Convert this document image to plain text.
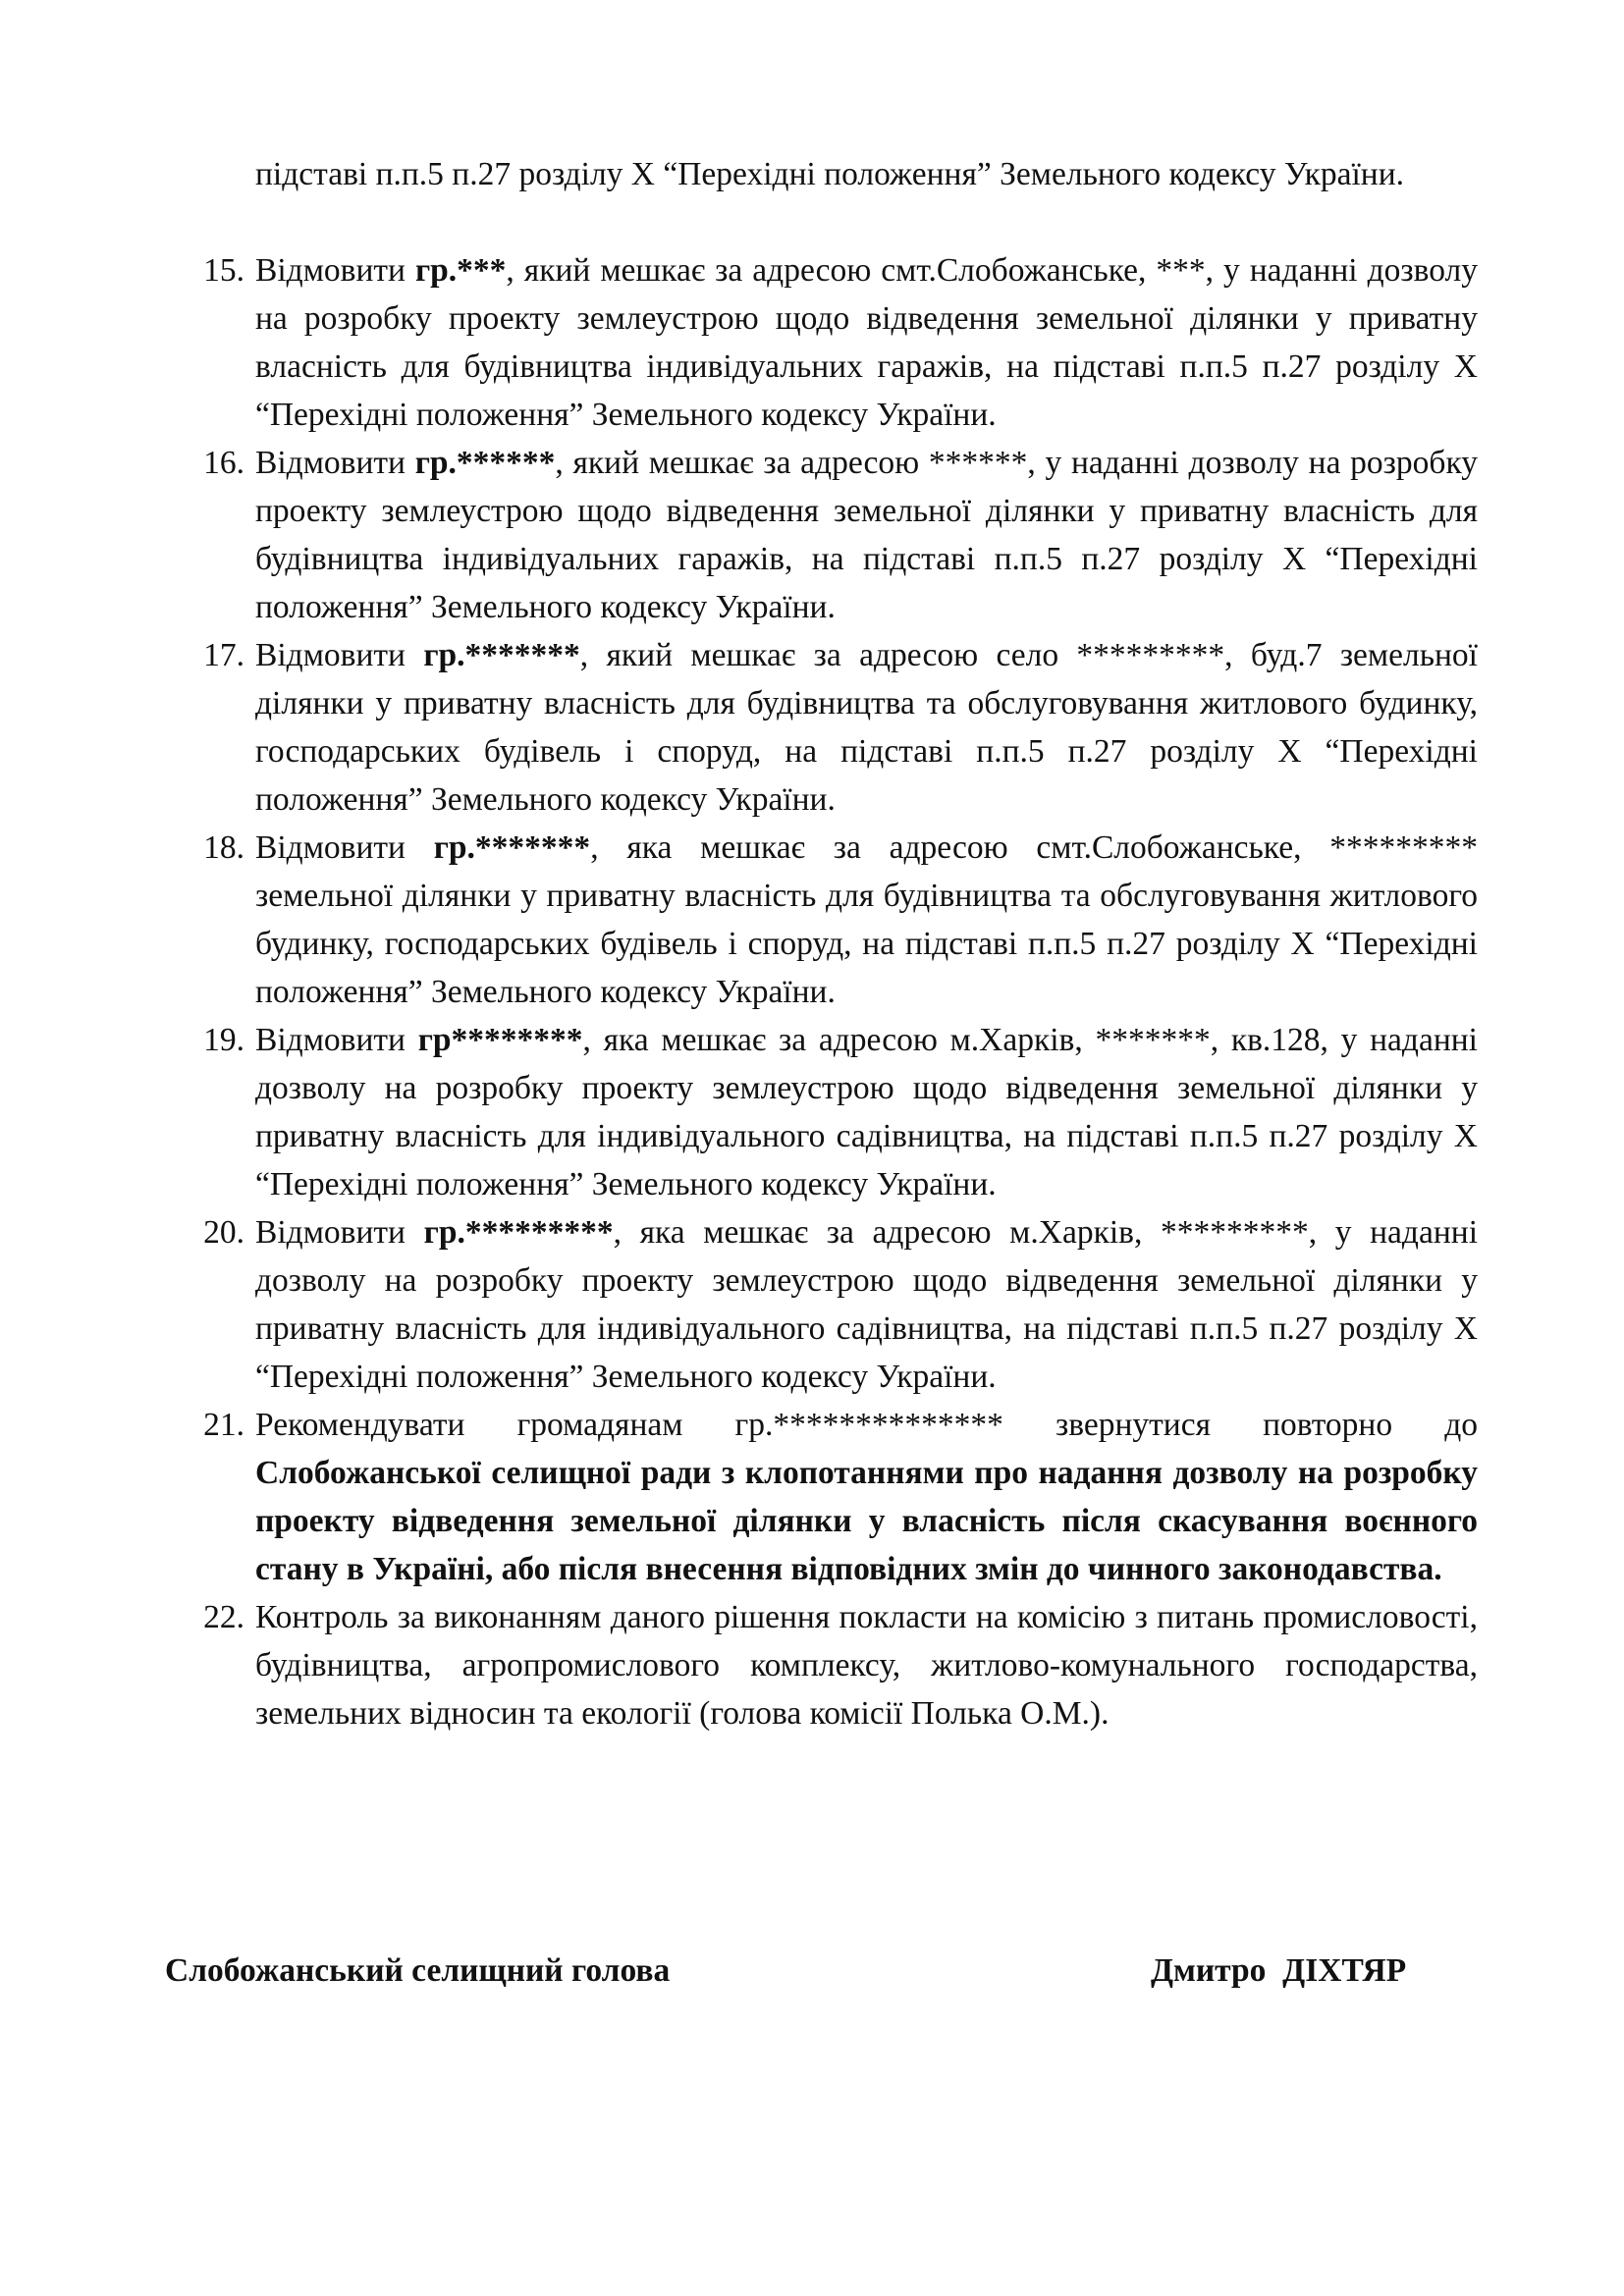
підставі п.п.5 п.27 розділу Х “Перехідні положення” Земельного кодексу України.
15. Відмовити гр.***, який мешкає за адресою смт.Слобожанське, ***, у наданні дозволу на розробку проекту землеустрою щодо відведення земельної ділянки у приватну власність для будівництва індивідуальних гаражів, на підставі п.п.5 п.27 розділу Х “Перехідні положення” Земельного кодексу України.
16. Відмовити гр.******, який мешкає за адресою ******, у наданні дозволу на розробку проекту землеустрою щодо відведення земельної ділянки у приватну власність для будівництва індивідуальних гаражів, на підставі п.п.5 п.27 розділу Х “Перехідні положення” Земельного кодексу України.
17. Відмовити гр.*******, який мешкає за адресою село *********, буд.7 земельної ділянки у приватну власність для будівництва та обслуговування житлового будинку, господарських будівель і споруд, на підставі п.п.5 п.27 розділу Х “Перехідні положення” Земельного кодексу України.
18. Відмовити гр.*******, яка мешкає за адресою смт.Слобожанське, ********* земельної ділянки у приватну власність для будівництва та обслуговування житлового будинку, господарських будівель і споруд, на підставі п.п.5 п.27 розділу Х “Перехідні положення” Земельного кодексу України.
19. Відмовити гр********, яка мешкає за адресою м.Харків, *******, кв.128, у наданні дозволу на розробку проекту землеустрою щодо відведення земельної ділянки у приватну власність для індивідуального садівництва, на підставі п.п.5 п.27 розділу Х “Перехідні положення” Земельного кодексу України.
20. Відмовити гр.*********, яка мешкає за адресою м.Харків, *********, у наданні дозволу на розробку проекту землеустрою щодо відведення земельної ділянки у приватну власність для індивідуального садівництва, на підставі п.п.5 п.27 розділу Х “Перехідні положення” Земельного кодексу України.
21. Рекомендувати громадянам гр.************** звернутися повторно до Слобожанської селищної ради з клопотаннями про надання дозволу на розробку проекту відведення земельної ділянки у власність після скасування воєнного стану в Україні, або після внесення відповідних змін до чинного законодавства.
22. Контроль за виконанням даного рішення покласти на комісію з питань промисловості, будівництва, агропромислового комплексу, житлово-комунального господарства, земельних відносин та екології (голова комісії Полька О.М.).
Слобожанський селищний голова	Дмитро  ДІХТЯР
